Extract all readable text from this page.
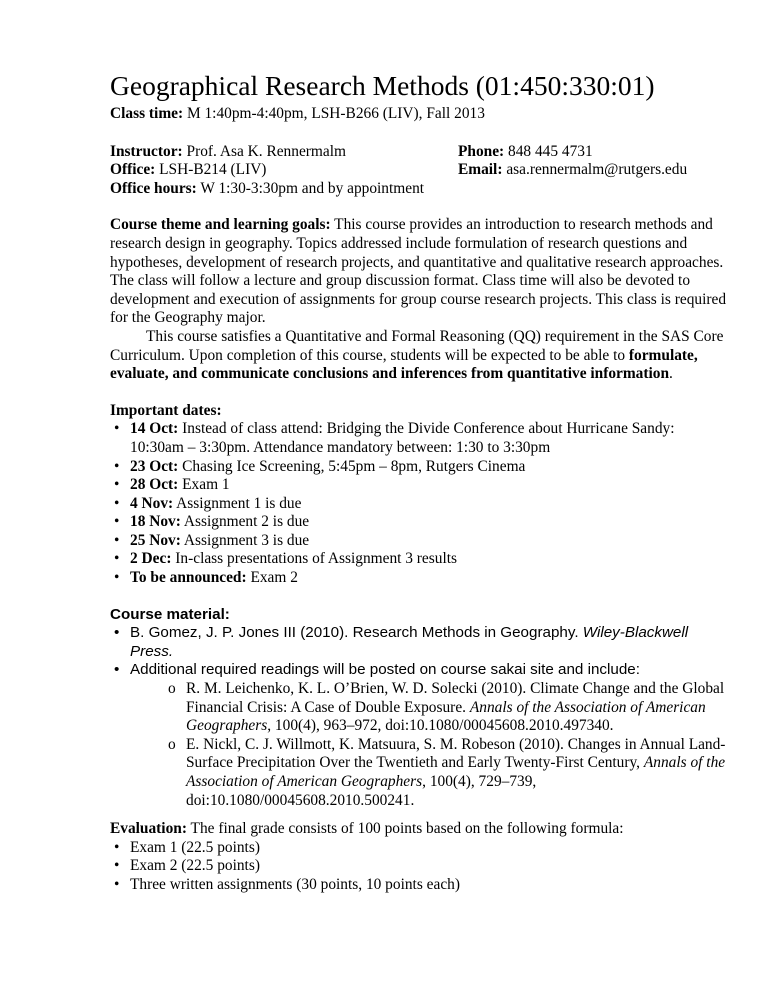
Geographical Research Methods (01:450:330:01)
Class time: M 1:40pm-4:40pm, LSH-B266 (LIV), Fall 2013
Instructor: Prof. Asa K. Rennermalm
Office: LSH-B214 (LIV)
Office hours: W 1:30-3:30pm and by appointment
Phone: 848 445 4731
Email: asa.rennermalm@rutgers.edu
Course theme and learning goals: This course provides an introduction to research methods and research design in geography. Topics addressed include formulation of research questions and hypotheses, development of research projects, and quantitative and qualitative research approaches. The class will follow a lecture and group discussion format. Class time will also be devoted to development and execution of assignments for group course research projects. This class is required for the Geography major.
This course satisfies a Quantitative and Formal Reasoning (QQ) requirement in the SAS Core Curriculum. Upon completion of this course, students will be expected to be able to formulate, evaluate, and communicate conclusions and inferences from quantitative information.
Important dates:
• 14 Oct: Instead of class attend: Bridging the Divide Conference about Hurricane Sandy: 10:30am – 3:30pm. Attendance mandatory between: 1:30 to 3:30pm
• 23 Oct: Chasing Ice Screening, 5:45pm – 8pm, Rutgers Cinema
• 28 Oct: Exam 1
• 4 Nov: Assignment 1 is due
• 18 Nov: Assignment 2 is due
• 25 Nov: Assignment 3 is due
• 2 Dec: In-class presentations of Assignment 3 results
• To be announced: Exam 2
Course material:
• B. Gomez, J. P. Jones III (2010). Research Methods in Geography. Wiley-Blackwell Press.
• Additional required readings will be posted on course sakai site and include:
o R. M. Leichenko, K. L. O’Brien, W. D. Solecki (2010). Climate Change and the Global Financial Crisis: A Case of Double Exposure. Annals of the Association of American Geographers, 100(4), 963–972, doi:10.1080/00045608.2010.497340.
o E. Nickl, C. J. Willmott, K. Matsuura, S. M. Robeson (2010). Changes in Annual Land-Surface Precipitation Over the Twentieth and Early Twenty-First Century, Annals of the Association of American Geographers, 100(4), 729–739, doi:10.1080/00045608.2010.500241.
Evaluation: The final grade consists of 100 points based on the following formula:
• Exam 1 (22.5 points)
• Exam 2 (22.5 points)
• Three written assignments (30 points, 10 points each)
